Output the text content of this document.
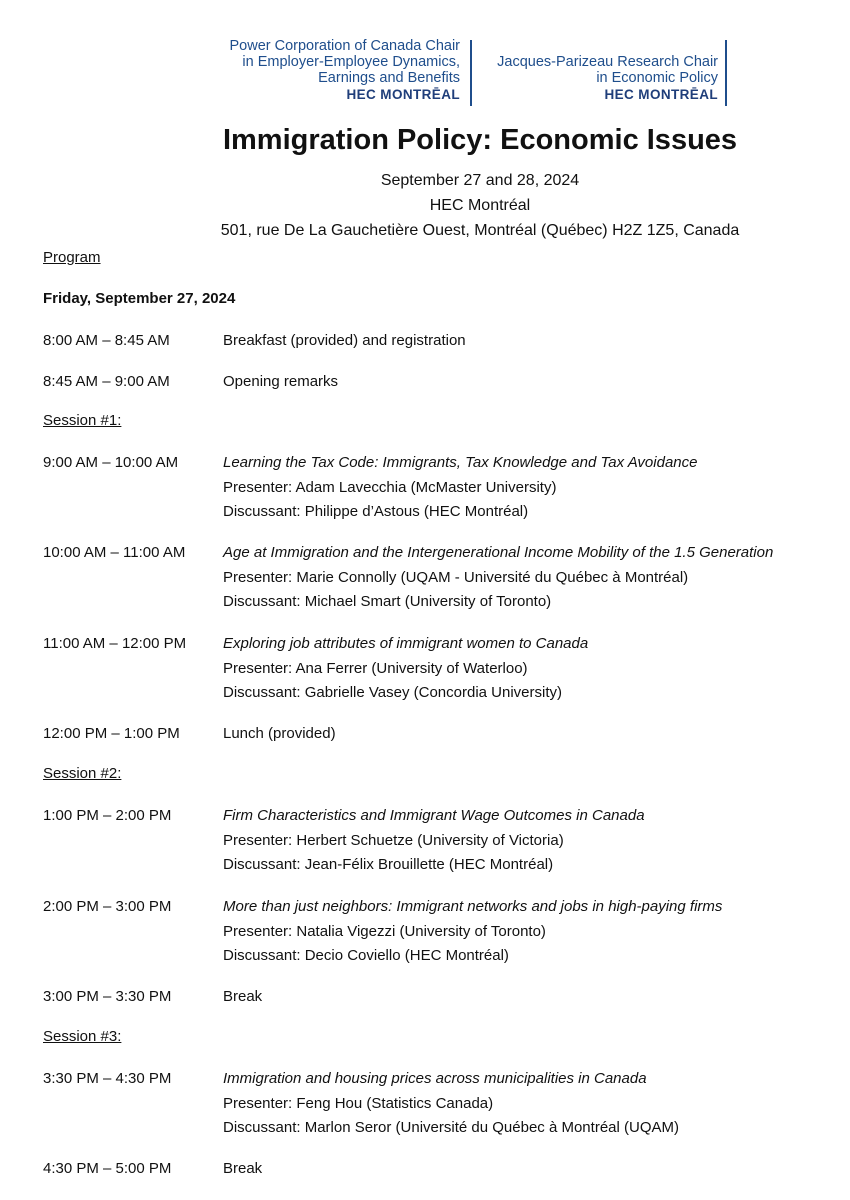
Power Corporation of Canada Chair
in Employer-Employee Dynamics,
Earnings and Benefits
HEC MONTRĒAL
Jacques-Parizeau Research Chair
in Economic Policy
HEC MONTRĒAL
Immigration Policy: Economic Issues
September 27 and 28, 2024
HEC Montréal
501, rue De La Gauchetière Ouest, Montréal (Québec) H2Z 1Z5, Canada
Program
Friday, September 27, 2024
8:00 AM – 8:45 AM	Breakfast (provided) and registration
8:45 AM – 9:00 AM	Opening remarks
Session #1:
9:00 AM – 10:00 AM	Learning the Tax Code: Immigrants, Tax Knowledge and Tax Avoidance
Presenter: Adam Lavecchia (McMaster University)
Discussant: Philippe d’Astous (HEC Montréal)
10:00 AM – 11:00 AM	Age at Immigration and the Intergenerational Income Mobility of the 1.5 Generation
Presenter: Marie Connolly (UQAM - Université du Québec à Montréal)
Discussant: Michael Smart (University of Toronto)
11:00 AM – 12:00 PM	Exploring job attributes of immigrant women to Canada
Presenter: Ana Ferrer (University of Waterloo)
Discussant: Gabrielle Vasey (Concordia University)
12:00 PM – 1:00 PM	Lunch (provided)
Session #2:
1:00 PM – 2:00 PM	Firm Characteristics and Immigrant Wage Outcomes in Canada
Presenter: Herbert Schuetze (University of Victoria)
Discussant: Jean-Félix Brouillette (HEC Montréal)
2:00 PM – 3:00 PM	More than just neighbors: Immigrant networks and jobs in high-paying firms
Presenter: Natalia Vigezzi (University of Toronto)
Discussant: Decio Coviello (HEC Montréal)
3:00 PM – 3:30 PM	Break
Session #3:
3:30 PM – 4:30 PM	Immigration and housing prices across municipalities in Canada
Presenter: Feng Hou (Statistics Canada)
Discussant: Marlon Seror (Université du Québec à Montréal (UQAM)
4:30 PM – 5:00 PM	Break
